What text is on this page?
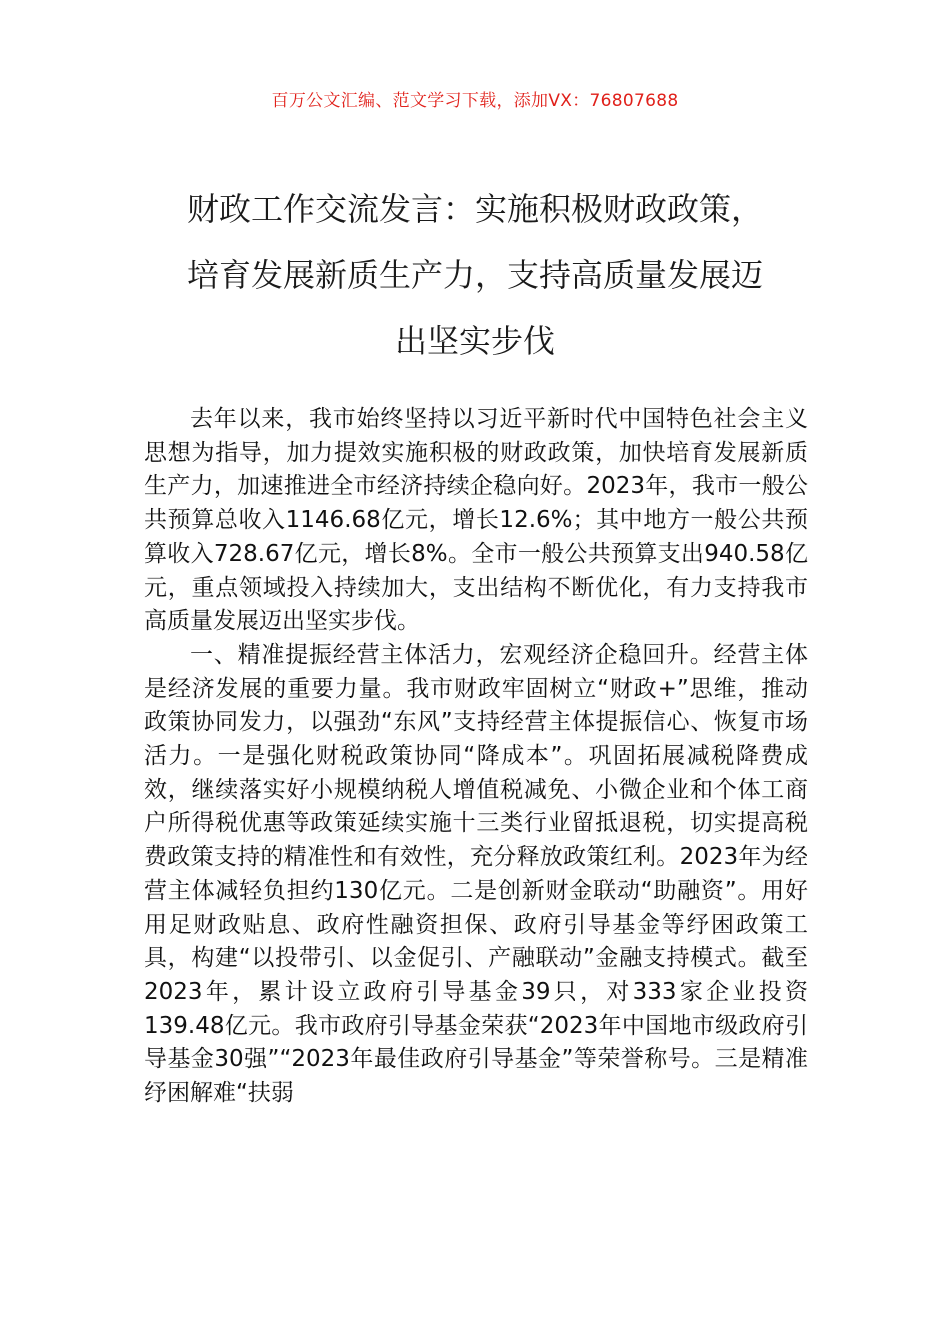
百万公文汇编、范文学习下载，添加VX：76807688
财政工作交流发言：实施积极财政政策，
培育发展新质生产力，支持高质量发展迈
出坚实步伐

去年以来，我市始终坚持以习近平新时代中国特色社会主义思想为指导，加力提效实施积极的财政政策，加快培育发展新质生产力，加速推进全市经济持续企稳向好。2023年，我市一般公共预算总收入1146.68亿元，增长12.6%；其中地方一般公共预算收入728.67亿元，增长8%。全市一般公共预算支出940.58亿元，重点领域投入持续加大，支出结构不断优化，有力支持我市高质量发展迈出坚实步伐。

一、精准提振经营主体活力，宏观经济企稳回升。经营主体是经济发展的重要力量。我市财政牢固树立“财政+”思维，推动政策协同发力，以强劲“东风”支持经营主体提振信心、恢复市场活力。一是强化财税政策协同“降成本”。巩固拓展减税降费成效，继续落实好小规模纳税人增值税减免、小微企业和个体工商户所得税优惠等政策延续实施十三类行业留抵退税，切实提高税费政策支持的精准性和有效性，充分释放政策红利。2023年为经营主体减轻负担约130亿元。二是创新财金联动“助融资”。用好用足财政贴息、政府性融资担保、政府引导基金等纾困政策工具，构建“以投带引、以金促引、产融联动”金融支持模式。截至2023年，累计设立政府引导基金39只，对333家企业投资139.48亿元。我市政府引导基金荣获“2023年中国地市级政府引导基金30强”“2023年最佳政府引导基金”等荣誉称号。三是精准纾困解难“扶弱
